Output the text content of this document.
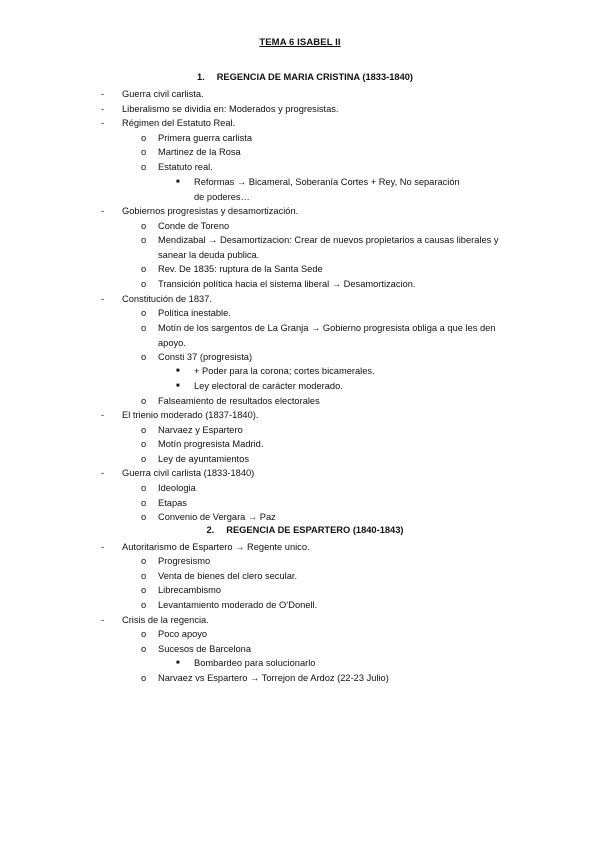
TEMA 6 ISABEL II
1. REGENCIA DE MARIA CRISTINA (1833-1840)
- Guerra civil carlista.
- Liberalismo se dividia en: Moderados y progresistas.
- Régimen del Estatuto Real.
o Primera guerra carlista
o Martinez de la Rosa
o Estatuto real.
■ Reformas → Bicameral, Soberanía Cortes + Rey, No separación de poderes…
- Gobiernos progresistas y desamortización.
o Conde de Toreno
o Mendizabal → Desamortizacion: Crear de nuevos propietarios a causas liberales y sanear la deuda publica.
o Rev. De 1835: ruptura de la Santa Sede
o Transición política hacia el sistema liberal → Desamortizacion.
- Constitución de 1837.
o Política inestable.
o Motín de los sargentos de La Granja → Gobierno progresista obliga a que les den apoyo.
o Consti 37 (progresista)
■ + Poder para la corona; cortes bicamerales.
■ Ley electoral de carácter moderado.
o Falseamiento de resultados electorales
- El trienio moderado (1837-1840).
o Narvaez y Espartero
o Motín progresista Madrid.
o Ley de ayuntamientos
- Guerra civil carlista (1833-1840)
o Ideologia
o Etapas
o Convenio de Vergara → Paz
2. REGENCIA DE ESPARTERO (1840-1843)
- Autoritarismo de Espartero → Regente unico.
o Progresismo
o Venta de bienes del clero secular.
o Librecambismo
o Levantamiento moderado de O’Donell.
- Crisis de la regencia.
o Poco apoyo
o Sucesos de Barcelona
■ Bombardeo para solucionarlo
o Narvaez vs Espartero → Torrejon de Ardoz (22-23 Julio)
